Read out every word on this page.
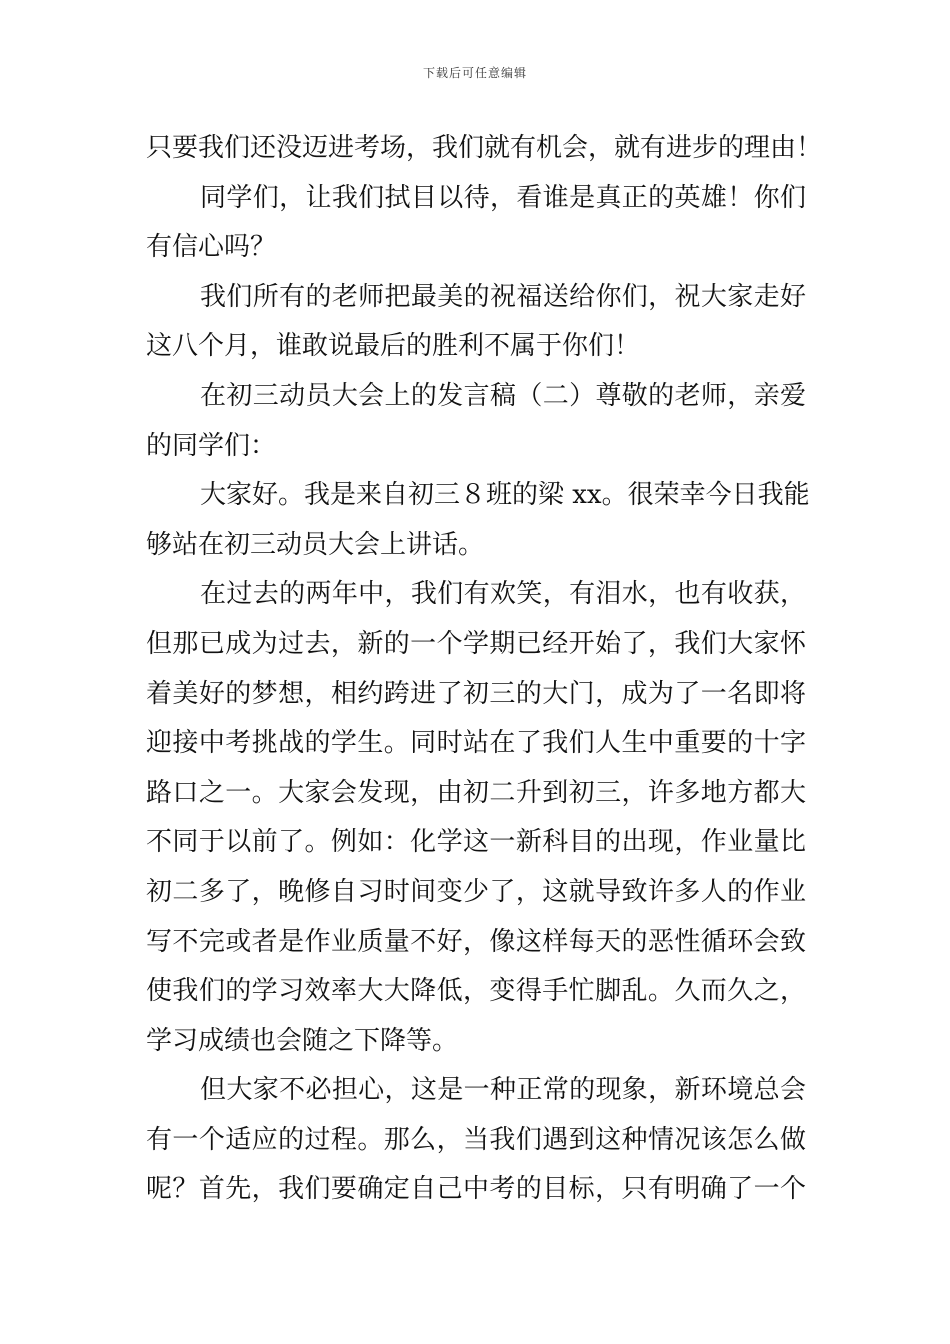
下载后可任意编辑
只要我们还没迈进考场，我们就有机会，就有进步的理由！
同学们，让我们拭目以待，看谁是真正的英雄！你们
有信心吗？
我们所有的老师把最美的祝福送给你们，祝大家走好
这八个月，谁敢说最后的胜利不属于你们！
在初三动员大会上的发言稿（二）尊敬的老师，亲爱
的同学们：
大家好。我是来自初三８班的梁 xx。很荣幸今日我能
够站在初三动员大会上讲话。
在过去的两年中，我们有欢笑，有泪水，也有收获，
但那已成为过去，新的一个学期已经开始了，我们大家怀
着美好的梦想，相约跨进了初三的大门，成为了一名即将
迎接中考挑战的学生。同时站在了我们人生中重要的十字
路口之一。大家会发现，由初二升到初三，许多地方都大
不同于以前了。例如：化学这一新科目的出现，作业量比
初二多了，晚修自习时间变少了，这就导致许多人的作业
写不完或者是作业质量不好，像这样每天的恶性循环会致
使我们的学习效率大大降低，变得手忙脚乱。久而久之，
学习成绩也会随之下降等。
但大家不必担心，这是一种正常的现象，新环境总会
有一个适应的过程。那么，当我们遇到这种情况该怎么做
呢？首先，我们要确定自己中考的目标，只有明确了一个
